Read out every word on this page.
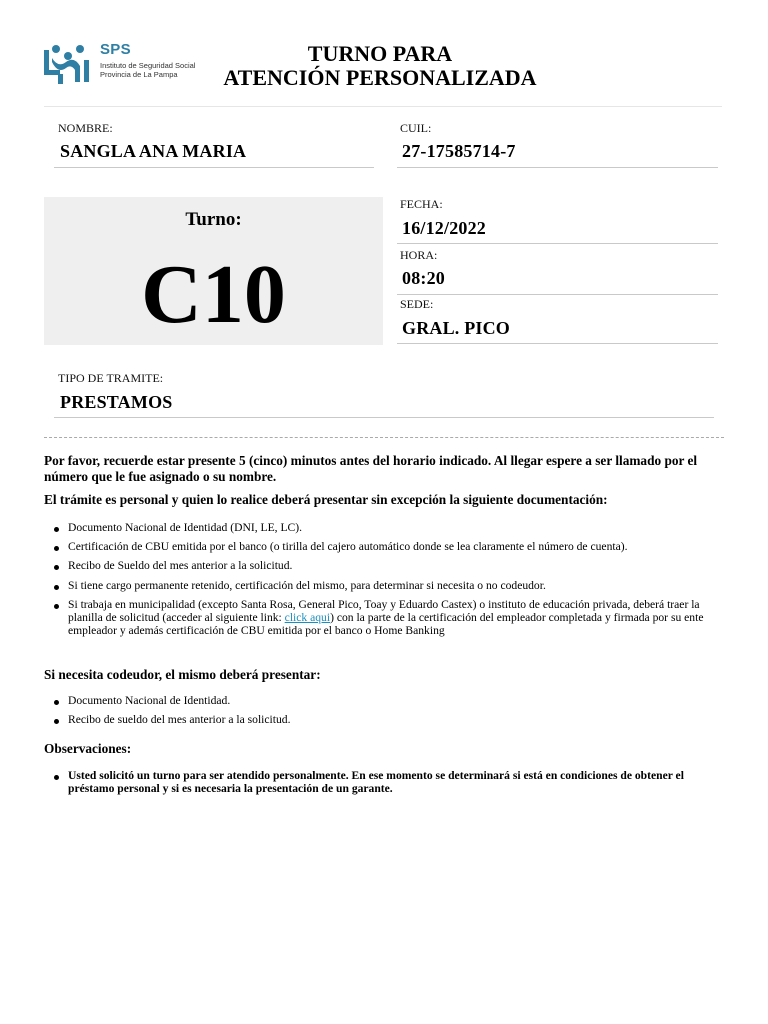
SPS
Instituto de Seguridad Social
Provincia de La Pampa
TURNO PARA
ATENCIÓN PERSONALIZADA
NOMBRE:
SANGLA ANA MARIA
CUIL:
27-17585714-7
Turno:
C10
FECHA:
16/12/2022
HORA:
08:20
SEDE:
GRAL. PICO
TIPO DE TRAMITE:
PRESTAMOS
Por favor, recuerde estar presente 5 (cinco) minutos antes del horario indicado. Al llegar espere a ser llamado por el número que le fue asignado o su nombre.
El trámite es personal y quien lo realice deberá presentar sin excepción la siguiente documentación:
Documento Nacional de Identidad (DNI, LE, LC).
Certificación de CBU emitida por el banco (o tirilla del cajero automático donde se lea claramente el número de cuenta).
Recibo de Sueldo del mes anterior a la solicitud.
Si tiene cargo permanente retenido, certificación del mismo, para determinar si necesita o no codeudor.
Si trabaja en municipalidad (excepto Santa Rosa, General Pico, Toay y Eduardo Castex) o instituto de educación privada, deberá traer la planilla de solicitud (acceder al siguiente link: click aqui) con la parte de la certificación del empleador completada y firmada por su ente empleador y además certificación de CBU emitida por el banco o Home Banking
Si necesita codeudor, el mismo deberá presentar:
Documento Nacional de Identidad.
Recibo de sueldo del mes anterior a la solicitud.
Observaciones:
Usted solicitó un turno para ser atendido personalmente. En ese momento se determinará si está en condiciones de obtener el préstamo personal y si es necesaria la presentación de un garante.
